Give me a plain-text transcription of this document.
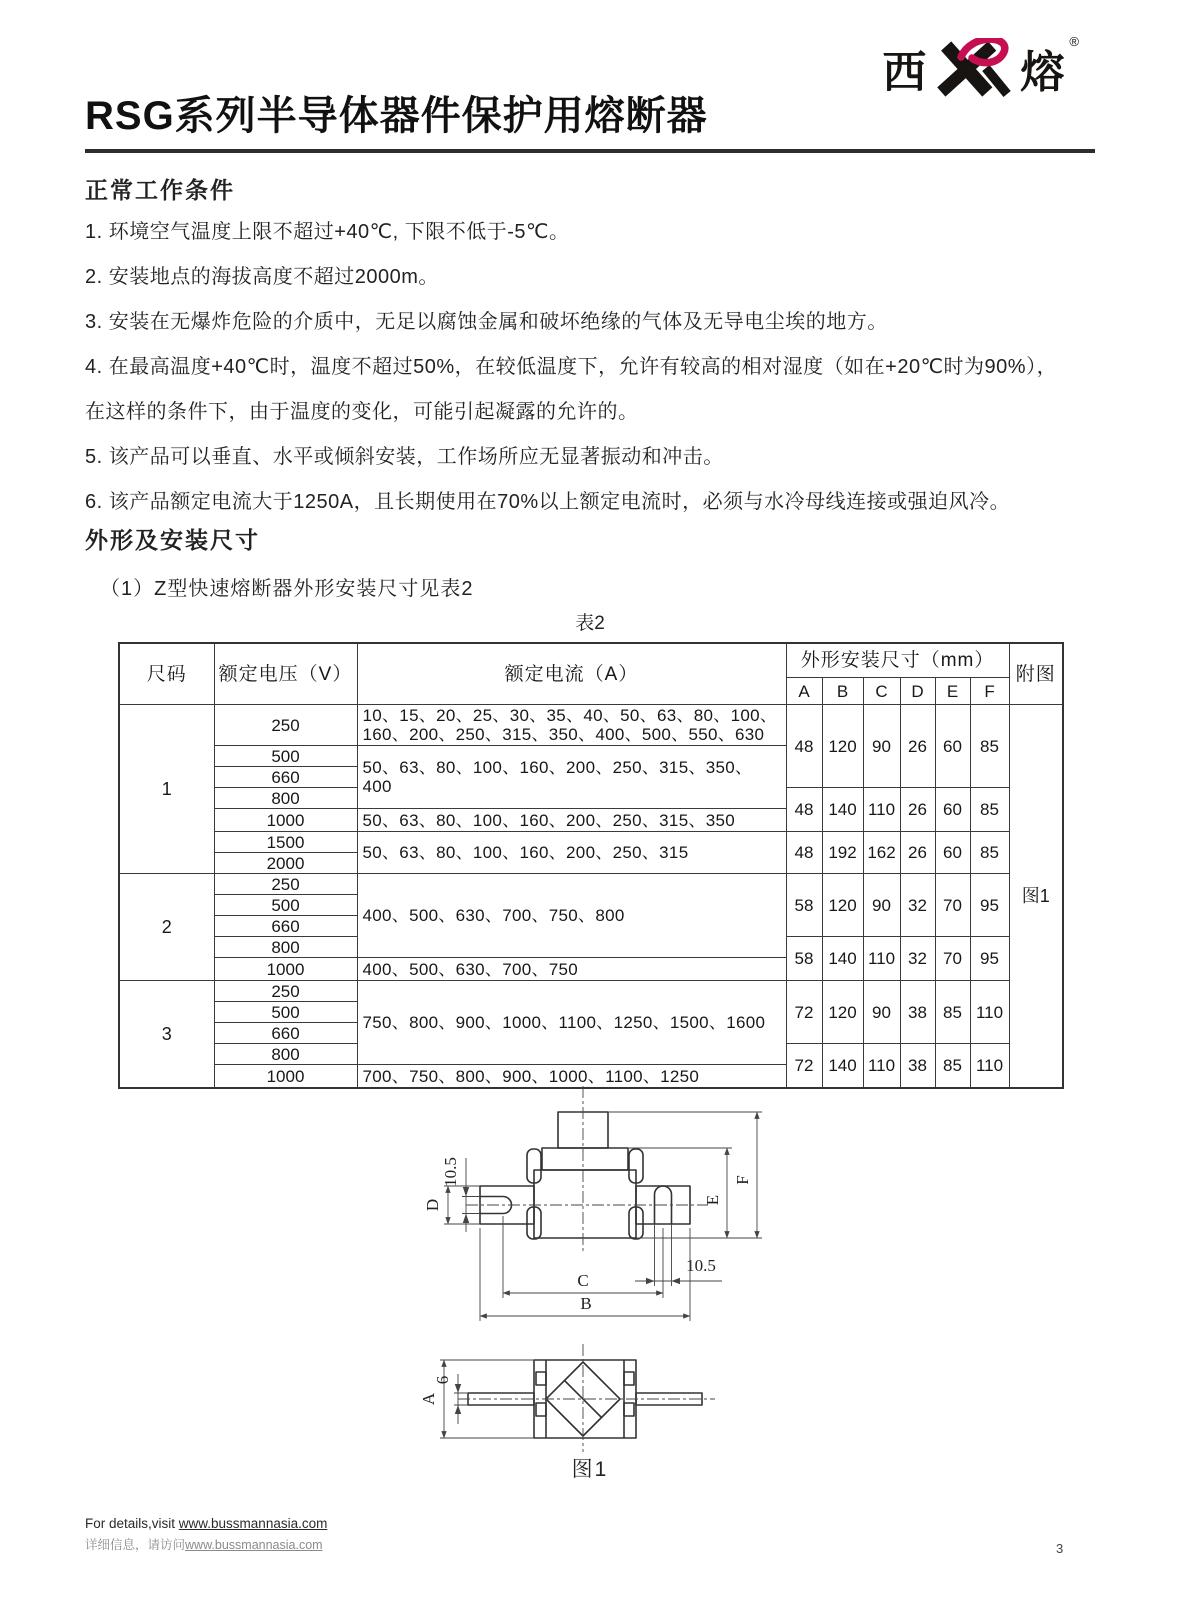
西 熔
®
RSG系列半导体器件保护用熔断器
正常工作条件

1. 环境空气温度上限不超过+40℃, 下限不低于-5℃。

2. 安装地点的海拔高度不超过2000m。

3. 安装在无爆炸危险的介质中，无足以腐蚀金属和破坏绝缘的气体及无导电尘埃的地方。

4. 在最高温度+40℃时，温度不超过50%，在较低温度下，允许有较高的相对湿度（如在+20℃时为90%），

在这样的条件下，由于温度的变化，可能引起凝露的允许的。

5. 该产品可以垂直、水平或倾斜安装，工作场所应无显著振动和冲击。

6. 该产品额定电流大于1250A，且长期使用在70%以上额定电流时，必须与水冷母线连接或强迫风冷。

外形及安装尺寸
（1）Z型快速熔断器外形安装尺寸见表2
表2
尺码	额定电压（V）	额定电流（A）	外形安装尺寸（mm）						附图
			A	B	C	D	E	F	
1	250	10、15、20、25、30、35、40、50、63、80、100、160、200、250、315、350、400、500、550、630	48	120	90	26	60	85	图1
	500	50、63、80、100、160、200、250、315、350、400							
	660								
	800		48	140	110	26	60	85	
	1000	50、63、80、100、160、200、250、315、350							
	1500	50、63、80、100、160、200、250、315	48	192	162	26	60	85	
	2000								
2	250	400、500、630、700、750、800	58	120	90	32	70	95	
	500								
	660								
	800		58	140	110	32	70	95	
	1000	400、500、630、700、750							
3	250	750、800、900、1000、1100、1250、1500、1600	72	120	90	38	85	110	
	500								
	660								
	800		72	140	110	38	85	110	
	1000	700、750、800、900、1000、1100、1250							
D
10.5
E
F
10.5
C
B
A
6
图1
For details,visit www.bussmannasia.com
详细信息，请访问www.bussmannasia.com	3
